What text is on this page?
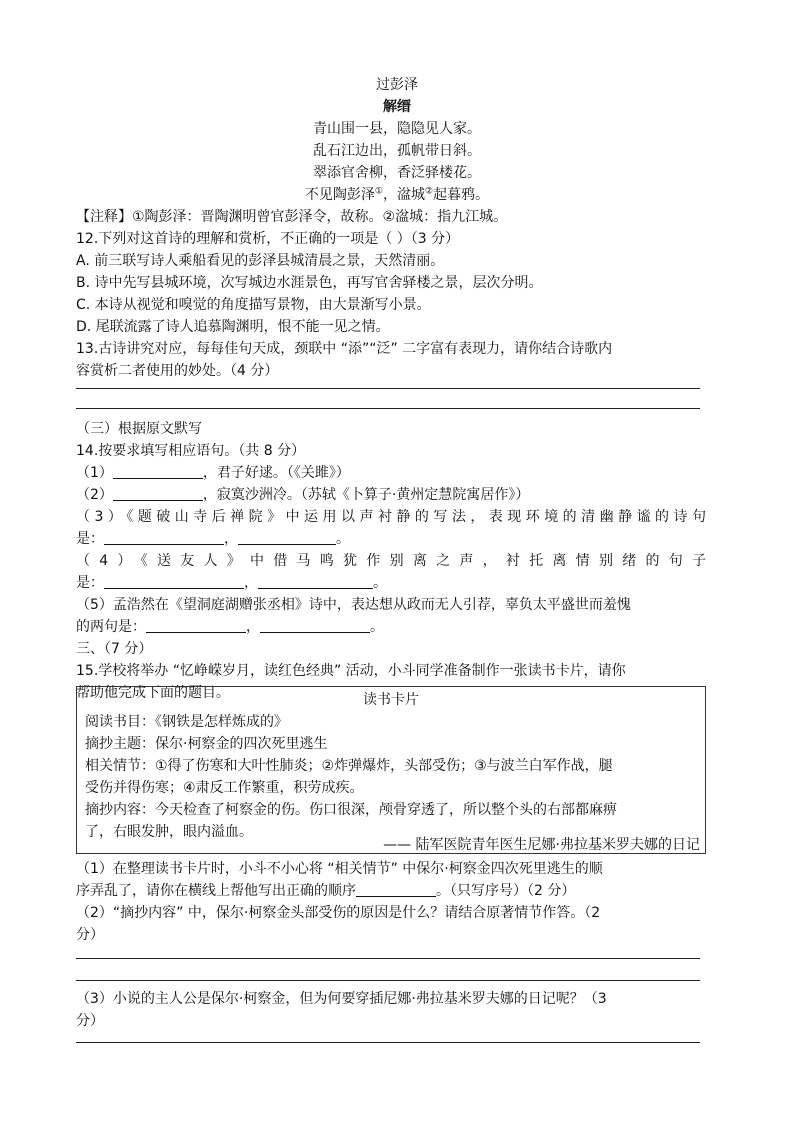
过彭泽

解缙

青山围一县，隐隐见人家。

乱石江边出，孤帆带日斜。

翠添官舍柳，香泛驿楼花。

不见陶彭泽①，湓城②起暮鸦。

【注释】①陶彭泽：晋陶渊明曾官彭泽令，故称。②湓城：指九江城。

12.下列对这首诗的理解和赏析，不正确的一项是（ ）（3 分）

A. 前三联写诗人乘船看见的彭泽县城清晨之景，天然清丽。

B. 诗中先写县城环境，次写城边水涯景色，再写官舍驿楼之景，层次分明。

C. 本诗从视觉和嗅觉的角度描写景物，由大景渐写小景。

D. 尾联流露了诗人追慕陶渊明，恨不能一见之情。

13.古诗讲究对应，每每佳句天成，颈联中 “添”“泛” 二字富有表现力，请你结合诗歌内

容赏析二者使用的妙处。（4 分）

（三）根据原文默写

14.按要求填写相应语句。（共 8 分）

（1）	，君子好逑。（《关雎》）

（2）	，寂寞沙洲冷。（苏轼《卜算子·黄州定慧院寓居作》）

（3）《题破山寺后禅院》中运用以声衬静的写法，表现环境的清幽静谧的诗句

是：	，	。

（4）《送友人》中借马鸣犹作别离之声，衬托离情别绪的句子

是：	，	。

（5）孟浩然在《望洞庭湖赠张丞相》诗中，表达想从政而无人引荐，辜负太平盛世而羞愧

的两句是：	，	。

三、（7 分）

15.学校将举办 “忆峥嵘岁月，读红色经典” 活动，小斗同学准备制作一张读书卡片，请你

帮助他完成下面的题目。	读书卡片

阅读书目：《钢铁是怎样炼成的》

摘抄主题：保尔·柯察金的四次死里逃生

相关情节：①得了伤寒和大叶性肺炎；②炸弹爆炸，头部受伤；③与波兰白军作战，腿

受伤并得伤寒；④肃反工作繁重，积劳成疾。

摘抄内容：今天检查了柯察金的伤。伤口很深，颅骨穿透了，所以整个头的右部都麻痹

了，右眼发肿，眼内溢血。

—— 陆军医院青年医生尼娜·弗拉基米罗夫娜的日记

（1）在整理读书卡片时，小斗不小心将 “相关情节” 中保尔·柯察金四次死里逃生的顺

序弄乱了，请你在横线上帮他写出正确的顺序	。（只写序号）（2 分）

（2）“摘抄内容” 中，保尔·柯察金头部受伤的原因是什么？请结合原著情节作答。（2

分）

（3）小说的主人公是保尔·柯察金，但为何要穿插尼娜·弗拉基米罗夫娜的日记呢？（3

分）
